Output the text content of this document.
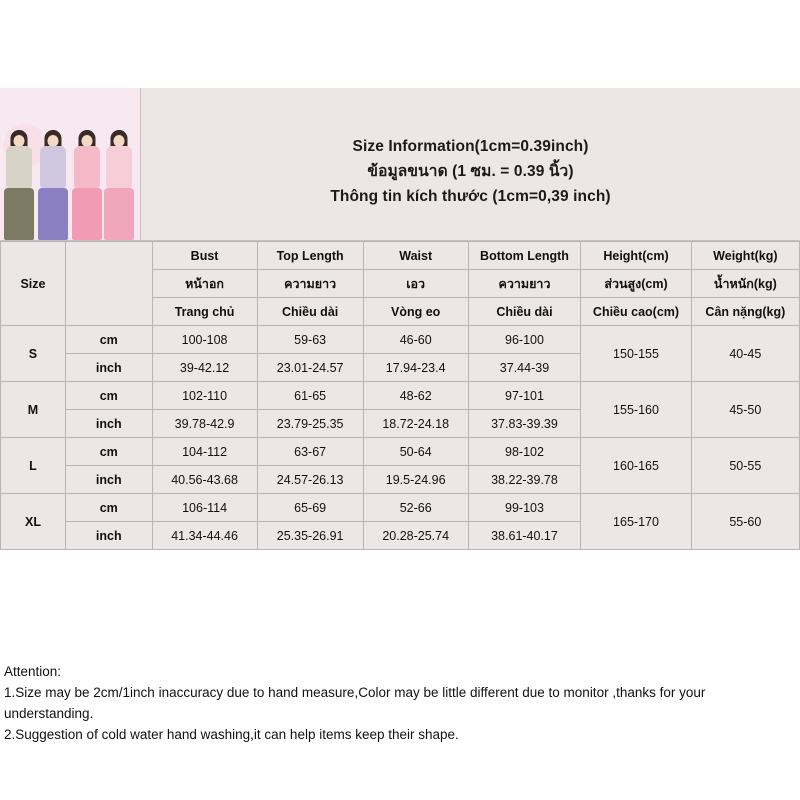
Size Information(1cm=0.39inch)
ข้อมูลขนาด (1 ซม. = 0.39 นิ้ว)
Thông tin kích thước (1cm=0,39 inch)
Size		Bust	Top Length	Waist	Bottom Length	Height(cm)	Weight(kg)
		หน้าอก	ความยาว	เอว	ความยาว	ส่วนสูง(cm)	น้ำหนัก(kg)
		Trang chủ	Chiều dài	Vòng eo	Chiều dài	Chiều cao(cm)	Cân nặng(kg)
S	cm	100-108	59-63	46-60	96-100	150-155	40-45
	inch	39-42.12	23.01-24.57	17.94-23.4	37.44-39		
M	cm	102-110	61-65	48-62	97-101	155-160	45-50
	inch	39.78-42.9	23.79-25.35	18.72-24.18	37.83-39.39		
L	cm	104-112	63-67	50-64	98-102	160-165	50-55
	inch	40.56-43.68	24.57-26.13	19.5-24.96	38.22-39.78		
XL	cm	106-114	65-69	52-66	99-103	165-170	55-60
	inch	41.34-44.46	25.35-26.91	20.28-25.74	38.61-40.17		
Attention:
1.Size may be 2cm/1inch inaccuracy due to hand measure,Color may be little different due to monitor ,thanks for your
understanding.
2.Suggestion of cold water hand washing,it can help items keep their shape.
